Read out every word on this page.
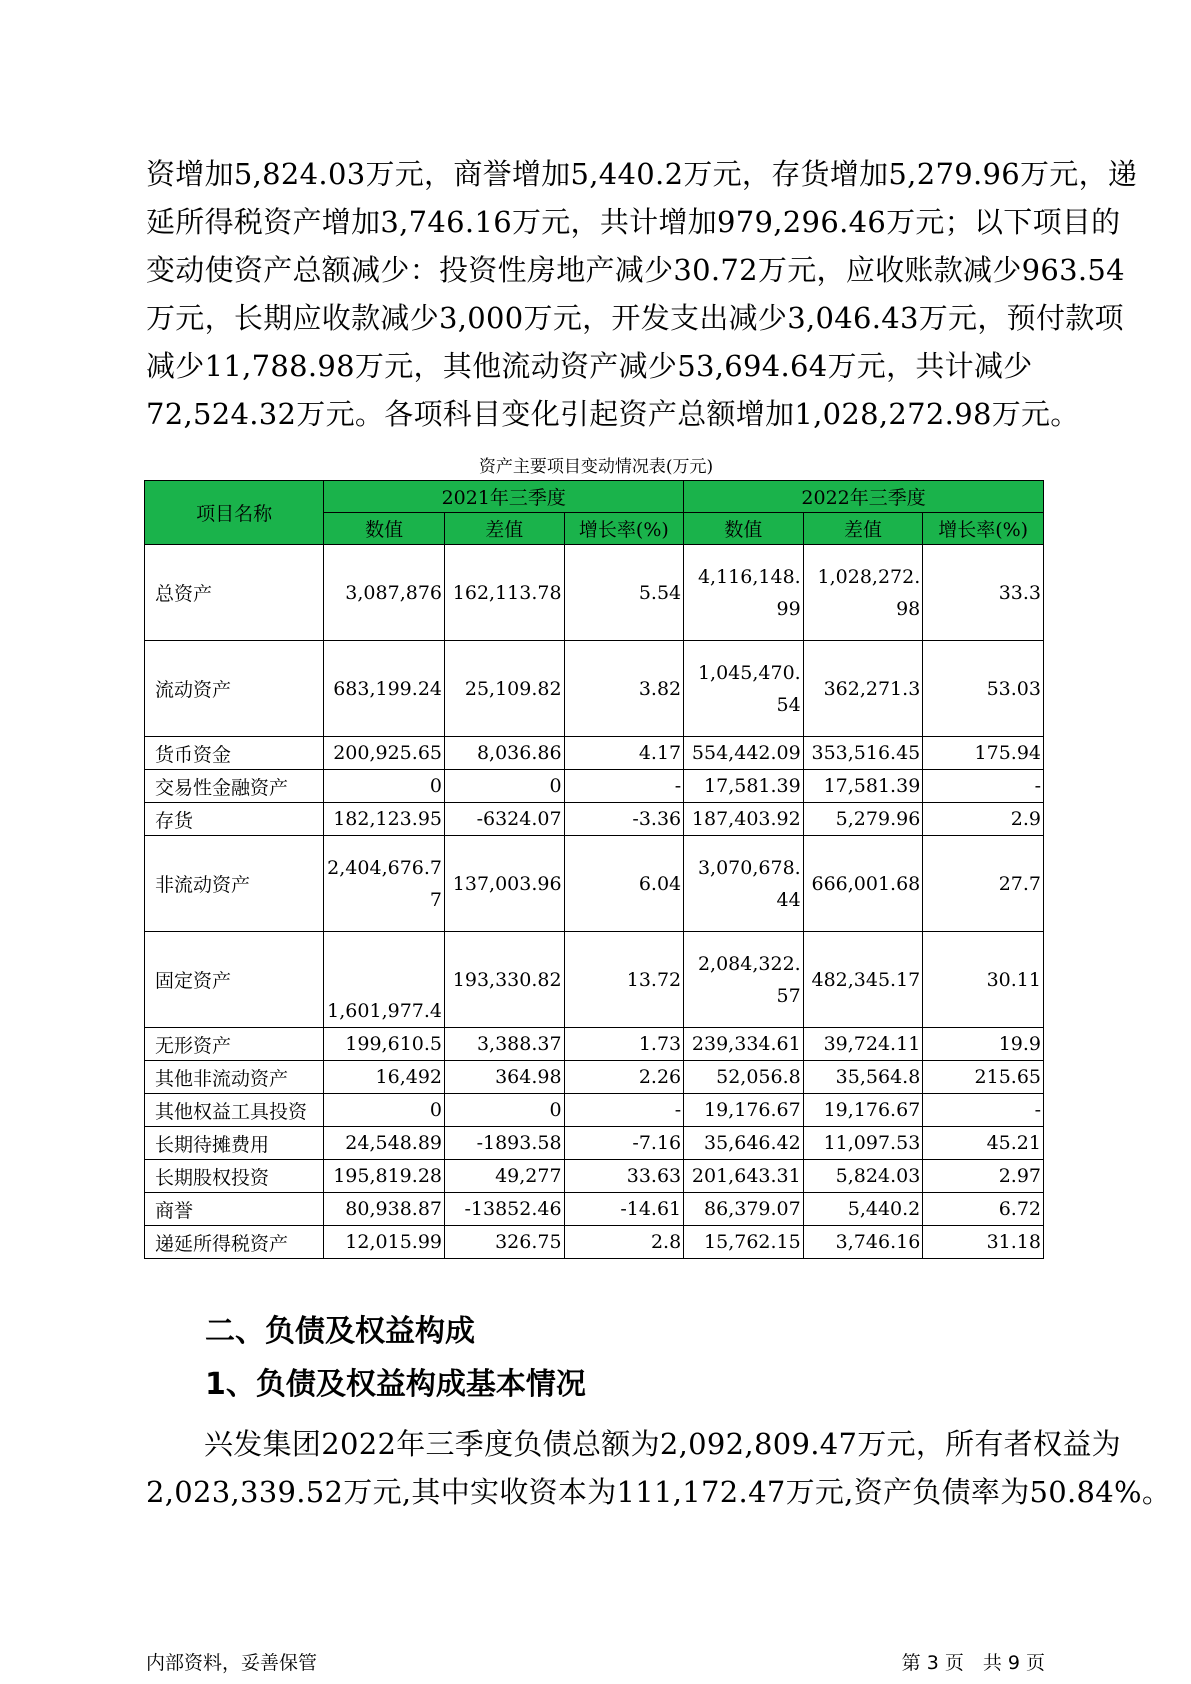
资增加5,824.03万元，商誉增加5,440.2万元，存货增加5,279.96万元，递
延所得税资产增加3,746.16万元，共计增加979,296.46万元；以下项目的
变动使资产总额减少：投资性房地产减少30.72万元，应收账款减少963.54
万元，长期应收款减少3,000万元，开发支出减少3,046.43万元，预付款项
减少11,788.98万元，其他流动资产减少53,694.64万元，共计减少
72,524.32万元。各项科目变化引起资产总额增加1,028,272.98万元。
资产主要项目变动情况表(万元)
项目名称	2021年三季度			2022年三季度		
	数值	差值	增长率(%)	数值	差值	增长率(%)
总资产	3,087,876	162,113.78	5.54	4,116,148.99	1,028,272.98	33.3
流动资产	683,199.24	25,109.82	3.82	1,045,470.54	362,271.3	53.03
货币资金	200,925.65	8,036.86	4.17	554,442.09	353,516.45	175.94
交易性金融资产	0	0	-	17,581.39	17,581.39	-
存货	182,123.95	-6324.07	-3.36	187,403.92	5,279.96	2.9
非流动资产	2,404,676.77	137,003.96	6.04	3,070,678.44	666,001.68	27.7
固定资产	1,601,977.4	193,330.82	13.72	2,084,322.57	482,345.17	30.11
无形资产	199,610.5	3,388.37	1.73	239,334.61	39,724.11	19.9
其他非流动资产	16,492	364.98	2.26	52,056.8	35,564.8	215.65
其他权益工具投资	0	0	-	19,176.67	19,176.67	-
长期待摊费用	24,548.89	-1893.58	-7.16	35,646.42	11,097.53	45.21
长期股权投资	195,819.28	49,277	33.63	201,643.31	5,824.03	2.97
商誉	80,938.87	-13852.46	-14.61	86,379.07	5,440.2	6.72
递延所得税资产	12,015.99	326.75	2.8	15,762.15	3,746.16	31.18
二、负债及权益构成
1、负债及权益构成基本情况
兴发集团2022年三季度负债总额为2,092,809.47万元，所有者权益为
2,023,339.52万元,其中实收资本为111,172.47万元,资产负债率为50.84%。
内部资料，妥善保管	第 3 页　共 9 页
